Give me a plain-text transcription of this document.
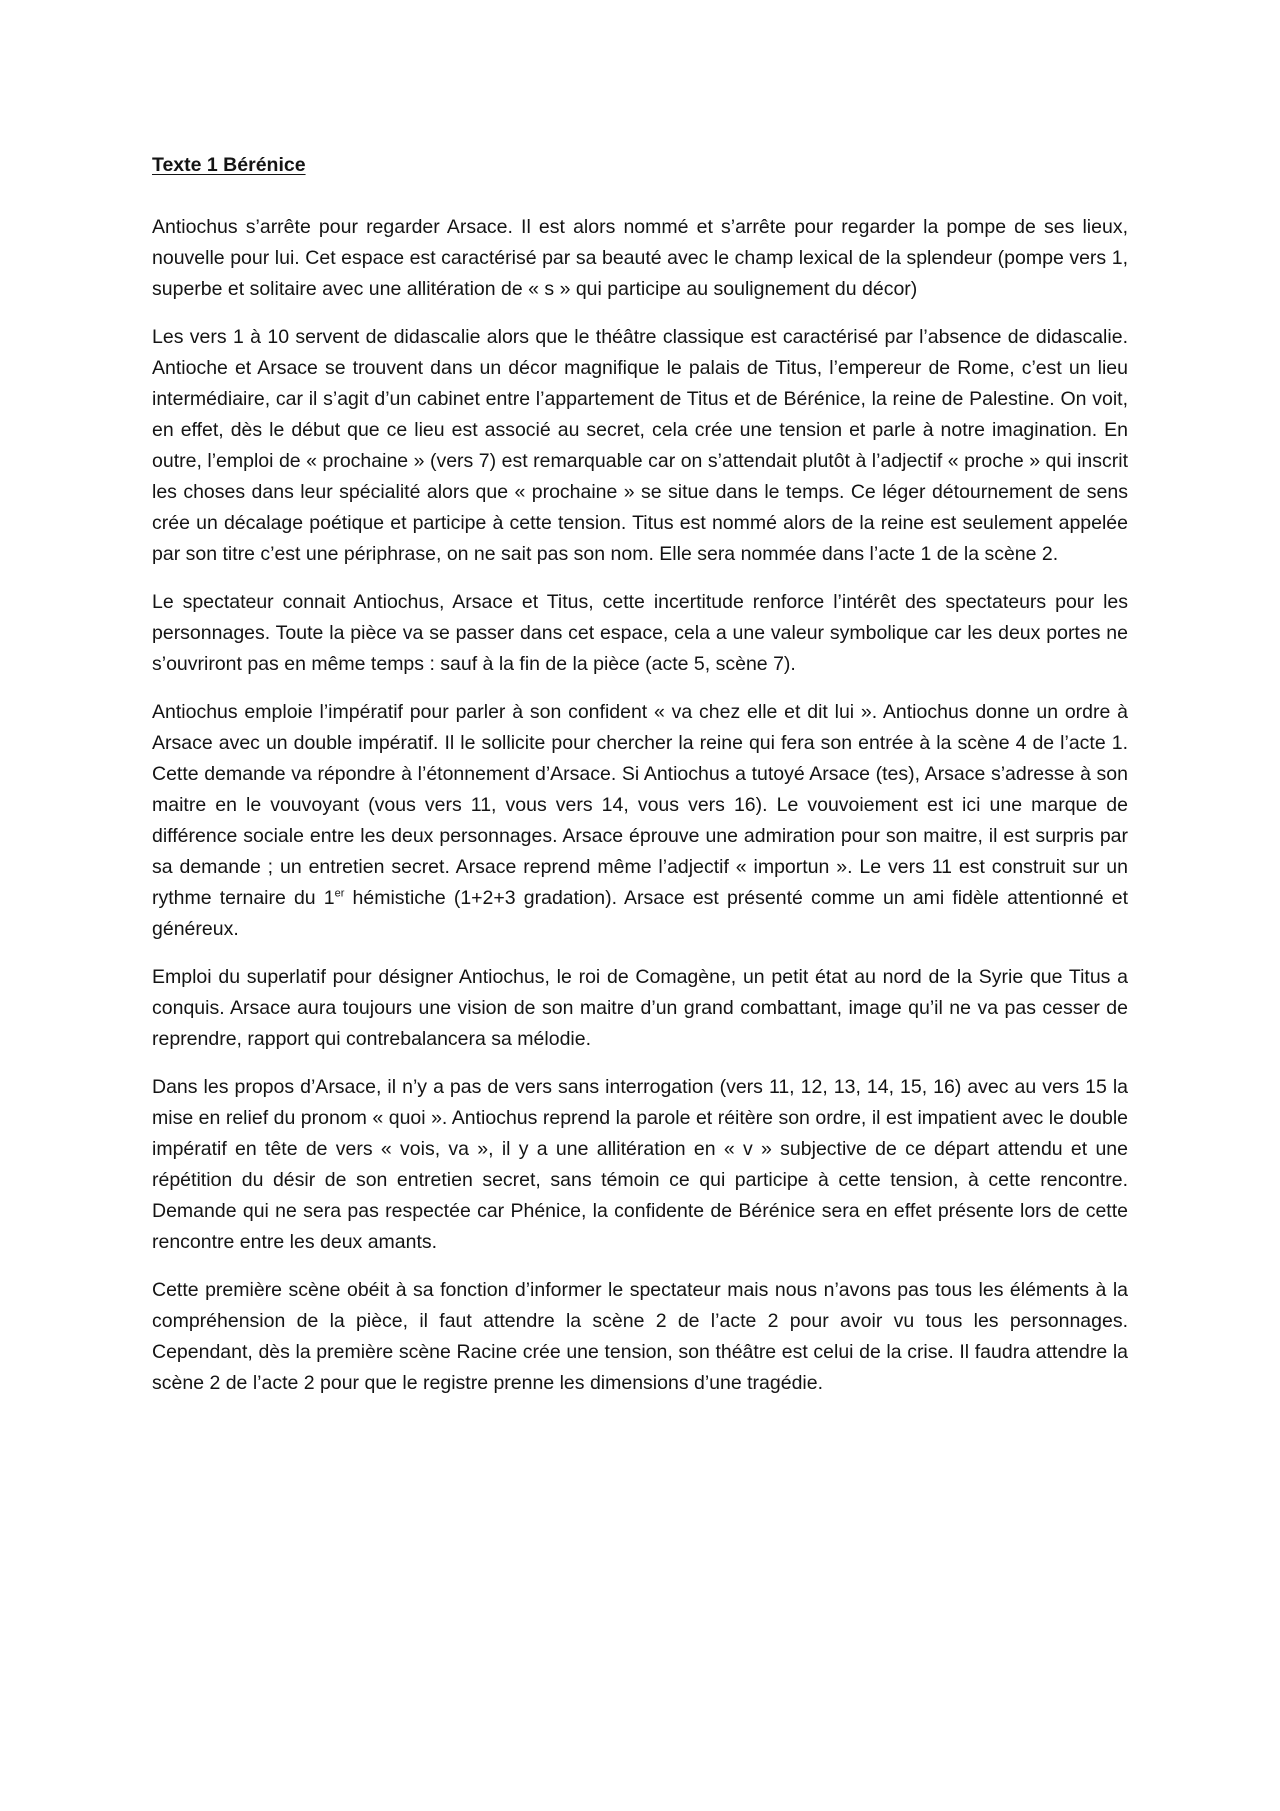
Texte 1 Bérénice

Antiochus s’arrête pour regarder Arsace. Il est alors nommé et s’arrête pour regarder la pompe de ses lieux, nouvelle pour lui. Cet espace est caractérisé par sa beauté avec le champ lexical de la splendeur (pompe vers 1, superbe et solitaire avec une allitération de « s » qui participe au soulignement du décor)

Les vers 1 à 10 servent de didascalie alors que le théâtre classique est caractérisé par l’absence de didascalie. Antioche et Arsace se trouvent dans un décor magnifique le palais de Titus, l’empereur de Rome, c’est un lieu intermédiaire, car il s’agit d’un cabinet entre l’appartement de Titus et de Bérénice, la reine de Palestine. On voit, en effet, dès le début que ce lieu est associé au secret, cela crée une tension et parle à notre imagination. En outre, l’emploi de « prochaine » (vers 7) est remarquable car on s’attendait plutôt à l’adjectif « proche » qui inscrit les choses dans leur spécialité alors que « prochaine » se situe dans le temps. Ce léger détournement de sens crée un décalage poétique et participe à cette tension. Titus est nommé alors de la reine est seulement appelée par son titre c’est une périphrase, on ne sait pas son nom. Elle sera nommée dans l’acte 1 de la scène 2.

Le spectateur connait Antiochus, Arsace et Titus, cette incertitude renforce l’intérêt des spectateurs pour les personnages. Toute la pièce va se passer dans cet espace, cela a une valeur symbolique car les deux portes ne s’ouvriront pas en même temps : sauf à la fin de la pièce (acte 5, scène 7).

Antiochus emploie l’impératif pour parler à son confident « va chez elle et dit lui ». Antiochus donne un ordre à Arsace avec un double impératif. Il le sollicite pour chercher la reine qui fera son entrée à la scène 4 de l’acte 1. Cette demande va répondre à l’étonnement d’Arsace. Si Antiochus a tutoyé Arsace (tes), Arsace s’adresse à son maitre en le vouvoyant (vous vers 11, vous vers 14, vous vers 16). Le vouvoiement est ici une marque de différence sociale entre les deux personnages. Arsace éprouve une admiration pour son maitre, il est surpris par sa demande ; un entretien secret. Arsace reprend même l’adjectif « importun ». Le vers 11 est construit sur un rythme ternaire du 1er hémistiche (1+2+3 gradation). Arsace est présenté comme un ami fidèle attentionné et généreux.

Emploi du superlatif pour désigner Antiochus, le roi de Comagène, un petit état au nord de la Syrie que Titus a conquis. Arsace aura toujours une vision de son maitre d’un grand combattant, image qu’il ne va pas cesser de reprendre, rapport qui contrebalancera sa mélodie.

Dans les propos d’Arsace, il n’y a pas de vers sans interrogation (vers 11, 12, 13, 14, 15, 16) avec au vers 15 la mise en relief du pronom « quoi ». Antiochus reprend la parole et réitère son ordre, il est impatient avec le double impératif en tête de vers « vois, va », il y a une allitération en « v » subjective de ce départ attendu et une répétition du désir de son entretien secret, sans témoin ce qui participe à cette tension, à cette rencontre. Demande qui ne sera pas respectée car Phénice, la confidente de Bérénice sera en effet présente lors de cette rencontre entre les deux amants.

Cette première scène obéit à sa fonction d’informer le spectateur mais nous n’avons pas tous les éléments à la compréhension de la pièce, il faut attendre la scène 2 de l’acte 2 pour avoir vu tous les personnages. Cependant, dès la première scène Racine crée une tension, son théâtre est celui de la crise. Il faudra attendre la scène 2 de l’acte 2 pour que le registre prenne les dimensions d’une tragédie.
